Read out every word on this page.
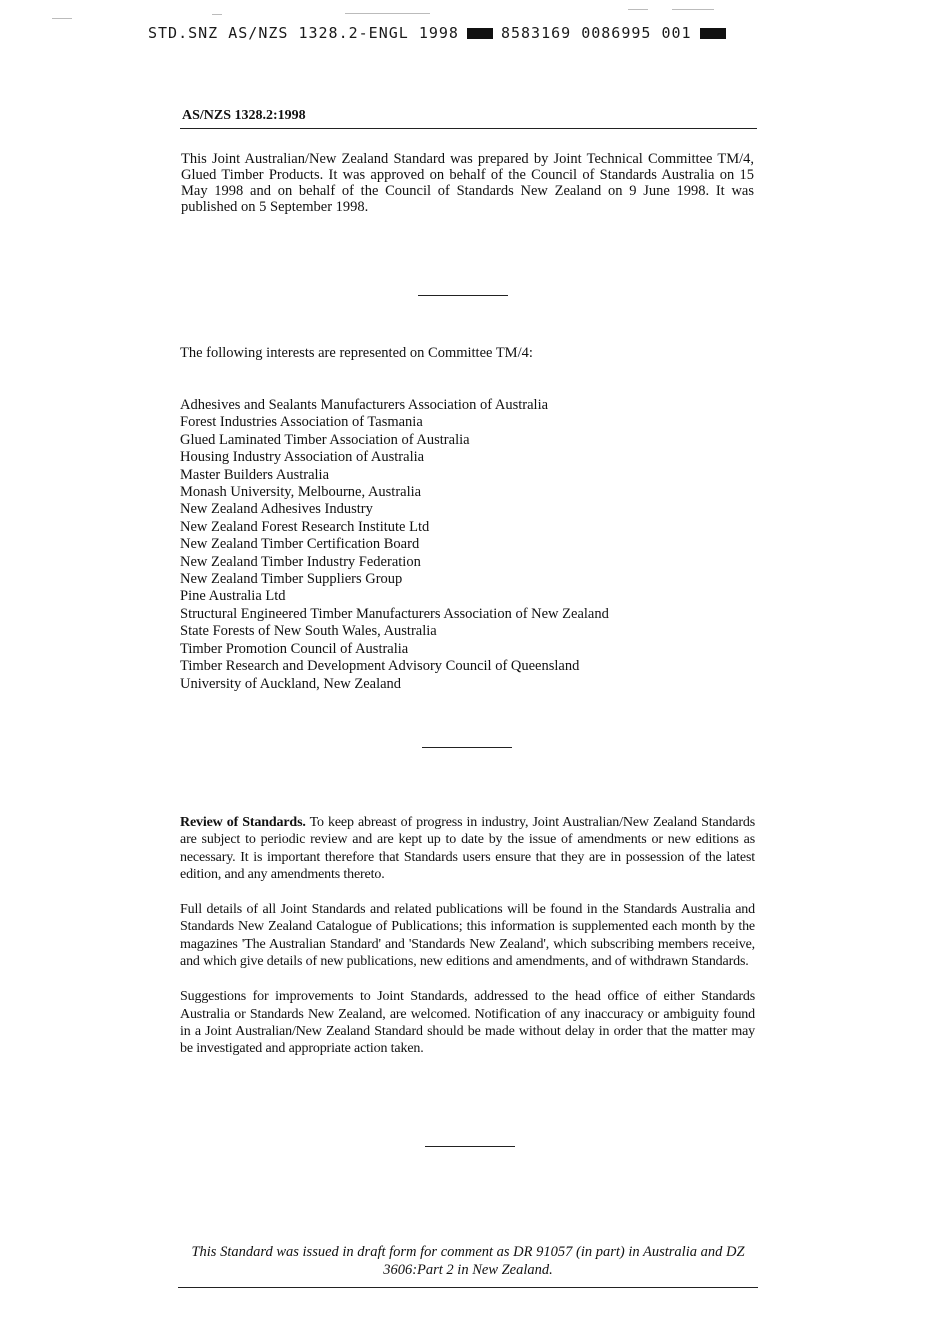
STD.SNZ AS/NZS 1328.2-ENGL 1998	8583169 0086995 001
AS/NZS 1328.2:1998

This Joint Australian/New Zealand Standard was prepared by Joint Technical Committee TM/4, Glued Timber Products. It was approved on behalf of the Council of Standards Australia on 15 May 1998 and on behalf of the Council of Standards New Zealand on 9 June 1998. It was published on 5 September 1998.

The following interests are represented on Committee TM/4:
Adhesives and Sealants Manufacturers Association of Australia
Forest Industries Association of Tasmania
Glued Laminated Timber Association of Australia
Housing Industry Association of Australia
Master Builders Australia
Monash University, Melbourne, Australia
New Zealand Adhesives Industry
New Zealand Forest Research Institute Ltd
New Zealand Timber Certification Board
New Zealand Timber Industry Federation
New Zealand Timber Suppliers Group
Pine Australia Ltd
Structural Engineered Timber Manufacturers Association of New Zealand
State Forests of New South Wales, Australia
Timber Promotion Council of Australia
Timber Research and Development Advisory Council of Queensland
University of Auckland, New Zealand

Review of Standards. To keep abreast of progress in industry, Joint Australian/New Zealand Standards are subject to periodic review and are kept up to date by the issue of amendments or new editions as necessary. It is important therefore that Standards users ensure that they are in possession of the latest edition, and any amendments thereto.

Full details of all Joint Standards and related publications will be found in the Standards Australia and Standards New Zealand Catalogue of Publications; this information is supplemented each month by the magazines 'The Australian Standard' and 'Standards New Zealand', which subscribing members receive, and which give details of new publications, new editions and amendments, and of withdrawn Standards.

Suggestions for improvements to Joint Standards, addressed to the head office of either Standards Australia or Standards New Zealand, are welcomed. Notification of any inaccuracy or ambiguity found in a Joint Australian/New Zealand Standard should be made without delay in order that the matter may be investigated and appropriate action taken.

This Standard was issued in draft form for comment as DR 91057 (in part) in Australia and DZ 3606:Part 2 in New Zealand.
